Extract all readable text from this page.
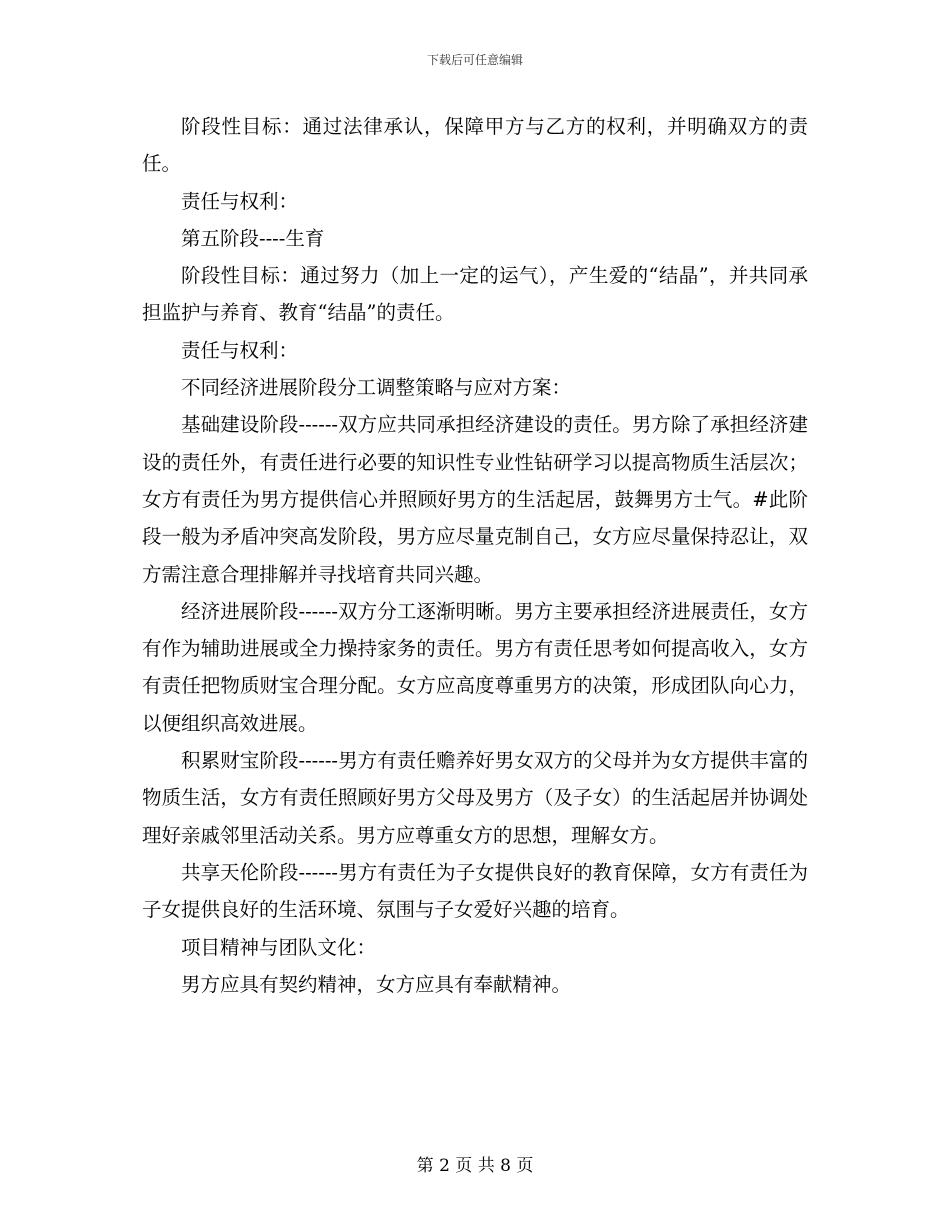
下载后可任意编辑

阶段性目标：通过法律承认，保障甲方与乙方的权利，并明确双方的责任。

责任与权利：

第五阶段----生育

阶段性目标：通过努力（加上一定的运气），产生爱的“结晶”，并共同承担监护与养育、教育“结晶”的责任。

责任与权利：

不同经济进展阶段分工调整策略与应对方案：

基础建设阶段------双方应共同承担经济建设的责任。男方除了承担经济建设的责任外，有责任进行必要的知识性专业性钻研学习以提高物质生活层次；女方有责任为男方提供信心并照顾好男方的生活起居，鼓舞男方士气。#此阶段一般为矛盾冲突高发阶段，男方应尽量克制自己，女方应尽量保持忍让，双方需注意合理排解并寻找培育共同兴趣。

经济进展阶段------双方分工逐渐明晰。男方主要承担经济进展责任，女方有作为辅助进展或全力操持家务的责任。男方有责任思考如何提高收入，女方有责任把物质财宝合理分配。女方应高度尊重男方的决策，形成团队向心力，以便组织高效进展。

积累财宝阶段------男方有责任赡养好男女双方的父母并为女方提供丰富的物质生活，女方有责任照顾好男方父母及男方（及子女）的生活起居并协调处理好亲戚邻里活动关系。男方应尊重女方的思想，理解女方。

共享天伦阶段------男方有责任为子女提供良好的教育保障，女方有责任为子女提供良好的生活环境、氛围与子女爱好兴趣的培育。

项目精神与团队文化：

男方应具有契约精神，女方应具有奉献精神。

第 2 页 共 8 页
